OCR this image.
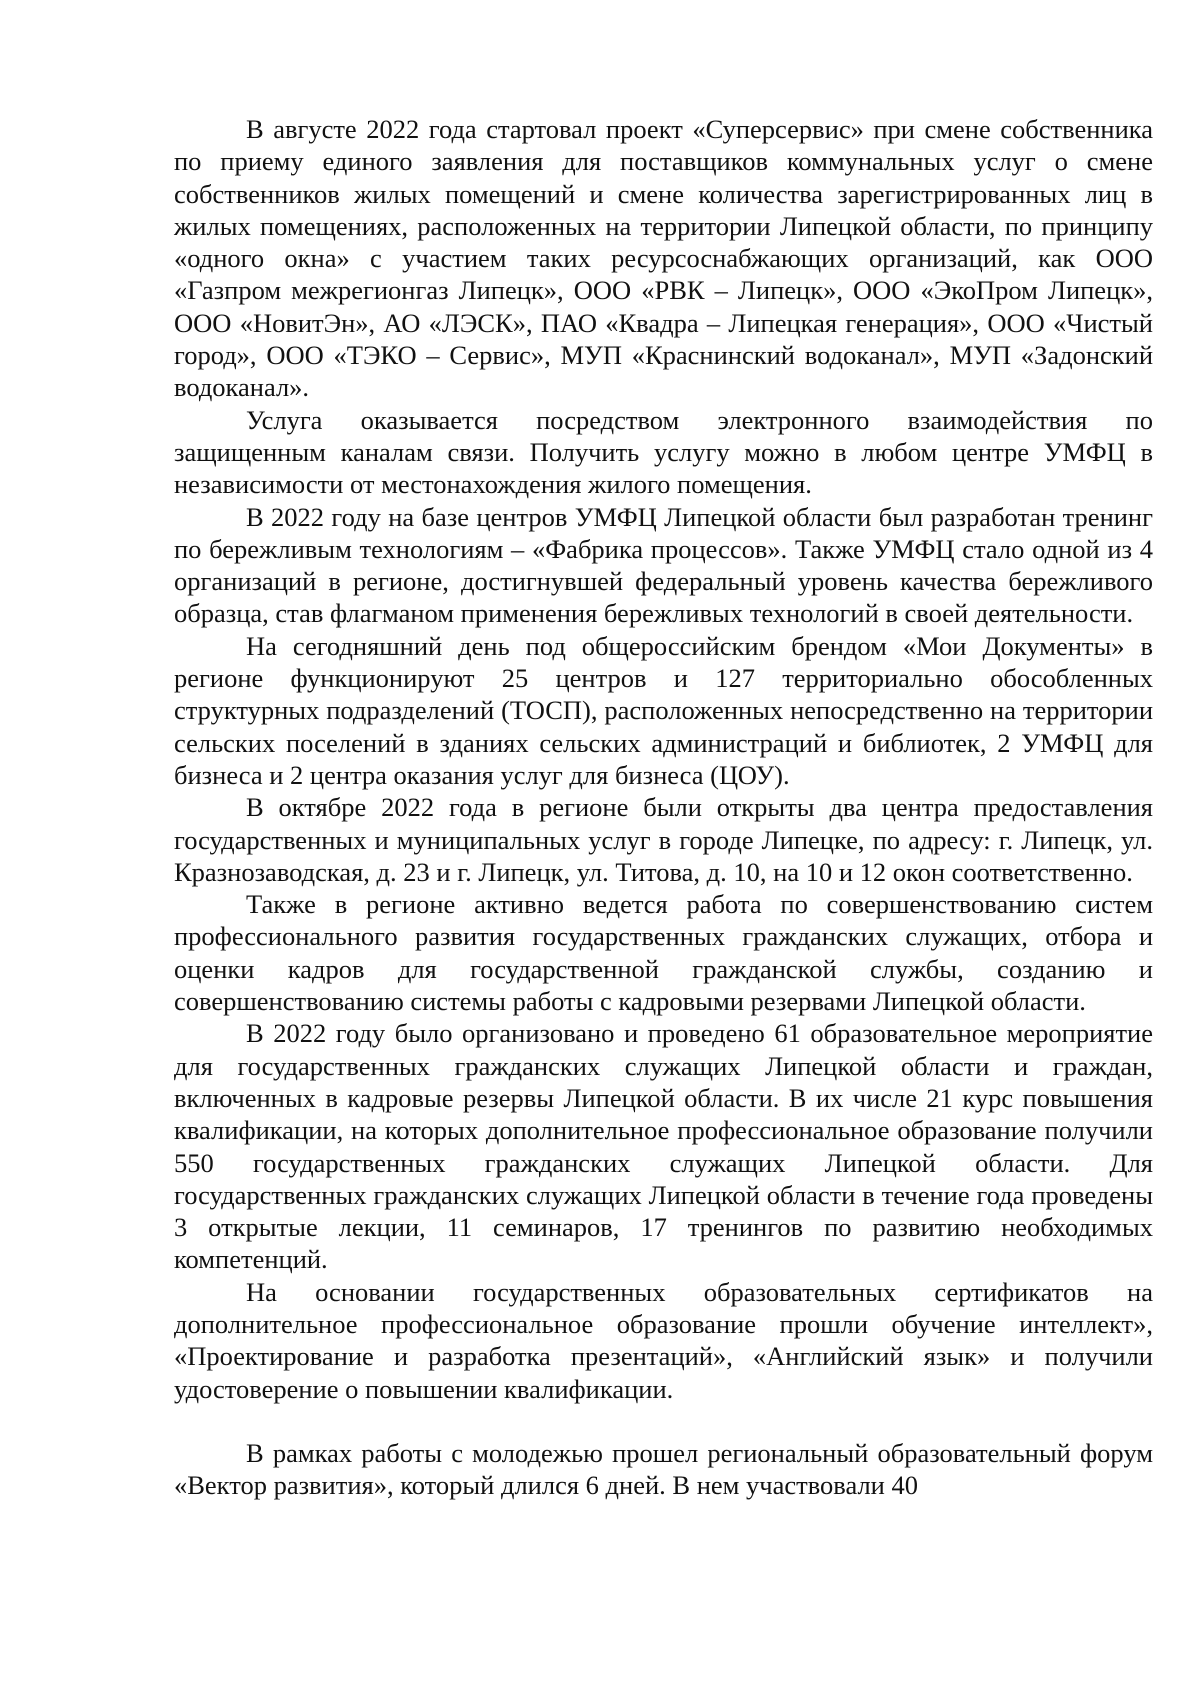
В августе 2022 года стартовал проект «Суперсервис» при смене собственника по приему единого заявления для поставщиков коммунальных услуг о смене собственников жилых помещений и смене количества зарегистрированных лиц в жилых помещениях, расположенных на территории Липецкой области, по принципу «одного окна» с участием таких ресурсоснабжающих организаций, как ООО «Газпром межрегионгаз Липецк», ООО «РВК – Липецк», ООО «ЭкоПром Липецк», ООО «НовитЭн», АО «ЛЭСК», ПАО «Квадра – Липецкая генерация», ООО «Чистый город», ООО «ТЭКО – Сервис», МУП «Краснинский водоканал», МУП «Задонский водоканал».

Услуга оказывается посредством электронного взаимодействия по защищенным каналам связи. Получить услугу можно в любом центре УМФЦ в независимости от местонахождения жилого помещения.

В 2022 году на базе центров УМФЦ Липецкой области был разработан тренинг по бережливым технологиям – «Фабрика процессов». Также УМФЦ стало одной из 4 организаций в регионе, достигнувшей федеральный уровень качества бережливого образца, став флагманом применения бережливых технологий в своей деятельности.

На сегодняшний день под общероссийским брендом «Мои Документы» в регионе функционируют 25 центров и 127 территориально обособленных структурных подразделений (ТОСП), расположенных непосредственно на территории сельских поселений в зданиях сельских администраций и библиотек, 2 УМФЦ для бизнеса и 2 центра оказания услуг для бизнеса (ЦОУ).

В октябре 2022 года в регионе были открыты два центра предоставления государственных и муниципальных услуг в городе Липецке, по адресу: г. Липецк, ул. Кразнозаводская, д. 23 и г. Липецк, ул. Титова, д. 10, на 10 и 12 окон соответственно.

Также в регионе активно ведется работа по совершенствованию систем профессионального развития государственных гражданских служащих, отбора и оценки кадров для государственной гражданской службы, созданию и совершенствованию системы работы с кадровыми резервами Липецкой области.

В 2022 году было организовано и проведено 61 образовательное мероприятие для государственных гражданских служащих Липецкой области и граждан, включенных в кадровые резервы Липецкой области. В их числе 21 курс повышения квалификации, на которых дополнительное профессиональное образование получили 550 государственных гражданских служащих Липецкой области. Для государственных гражданских служащих Липецкой области в течение года проведены 3 открытые лекции, 11 семинаров, 17 тренингов по развитию необходимых компетенций.

На основании государственных образовательных сертификатов на дополнительное профессиональное образование прошли обучение интеллект», «Проектирование и разработка презентаций», «Английский язык» и получили удостоверение о повышении квалификации.

В рамках работы с молодежью прошел региональный образовательный форум «Вектор развития», который длился 6 дней. В нем участвовали 40
